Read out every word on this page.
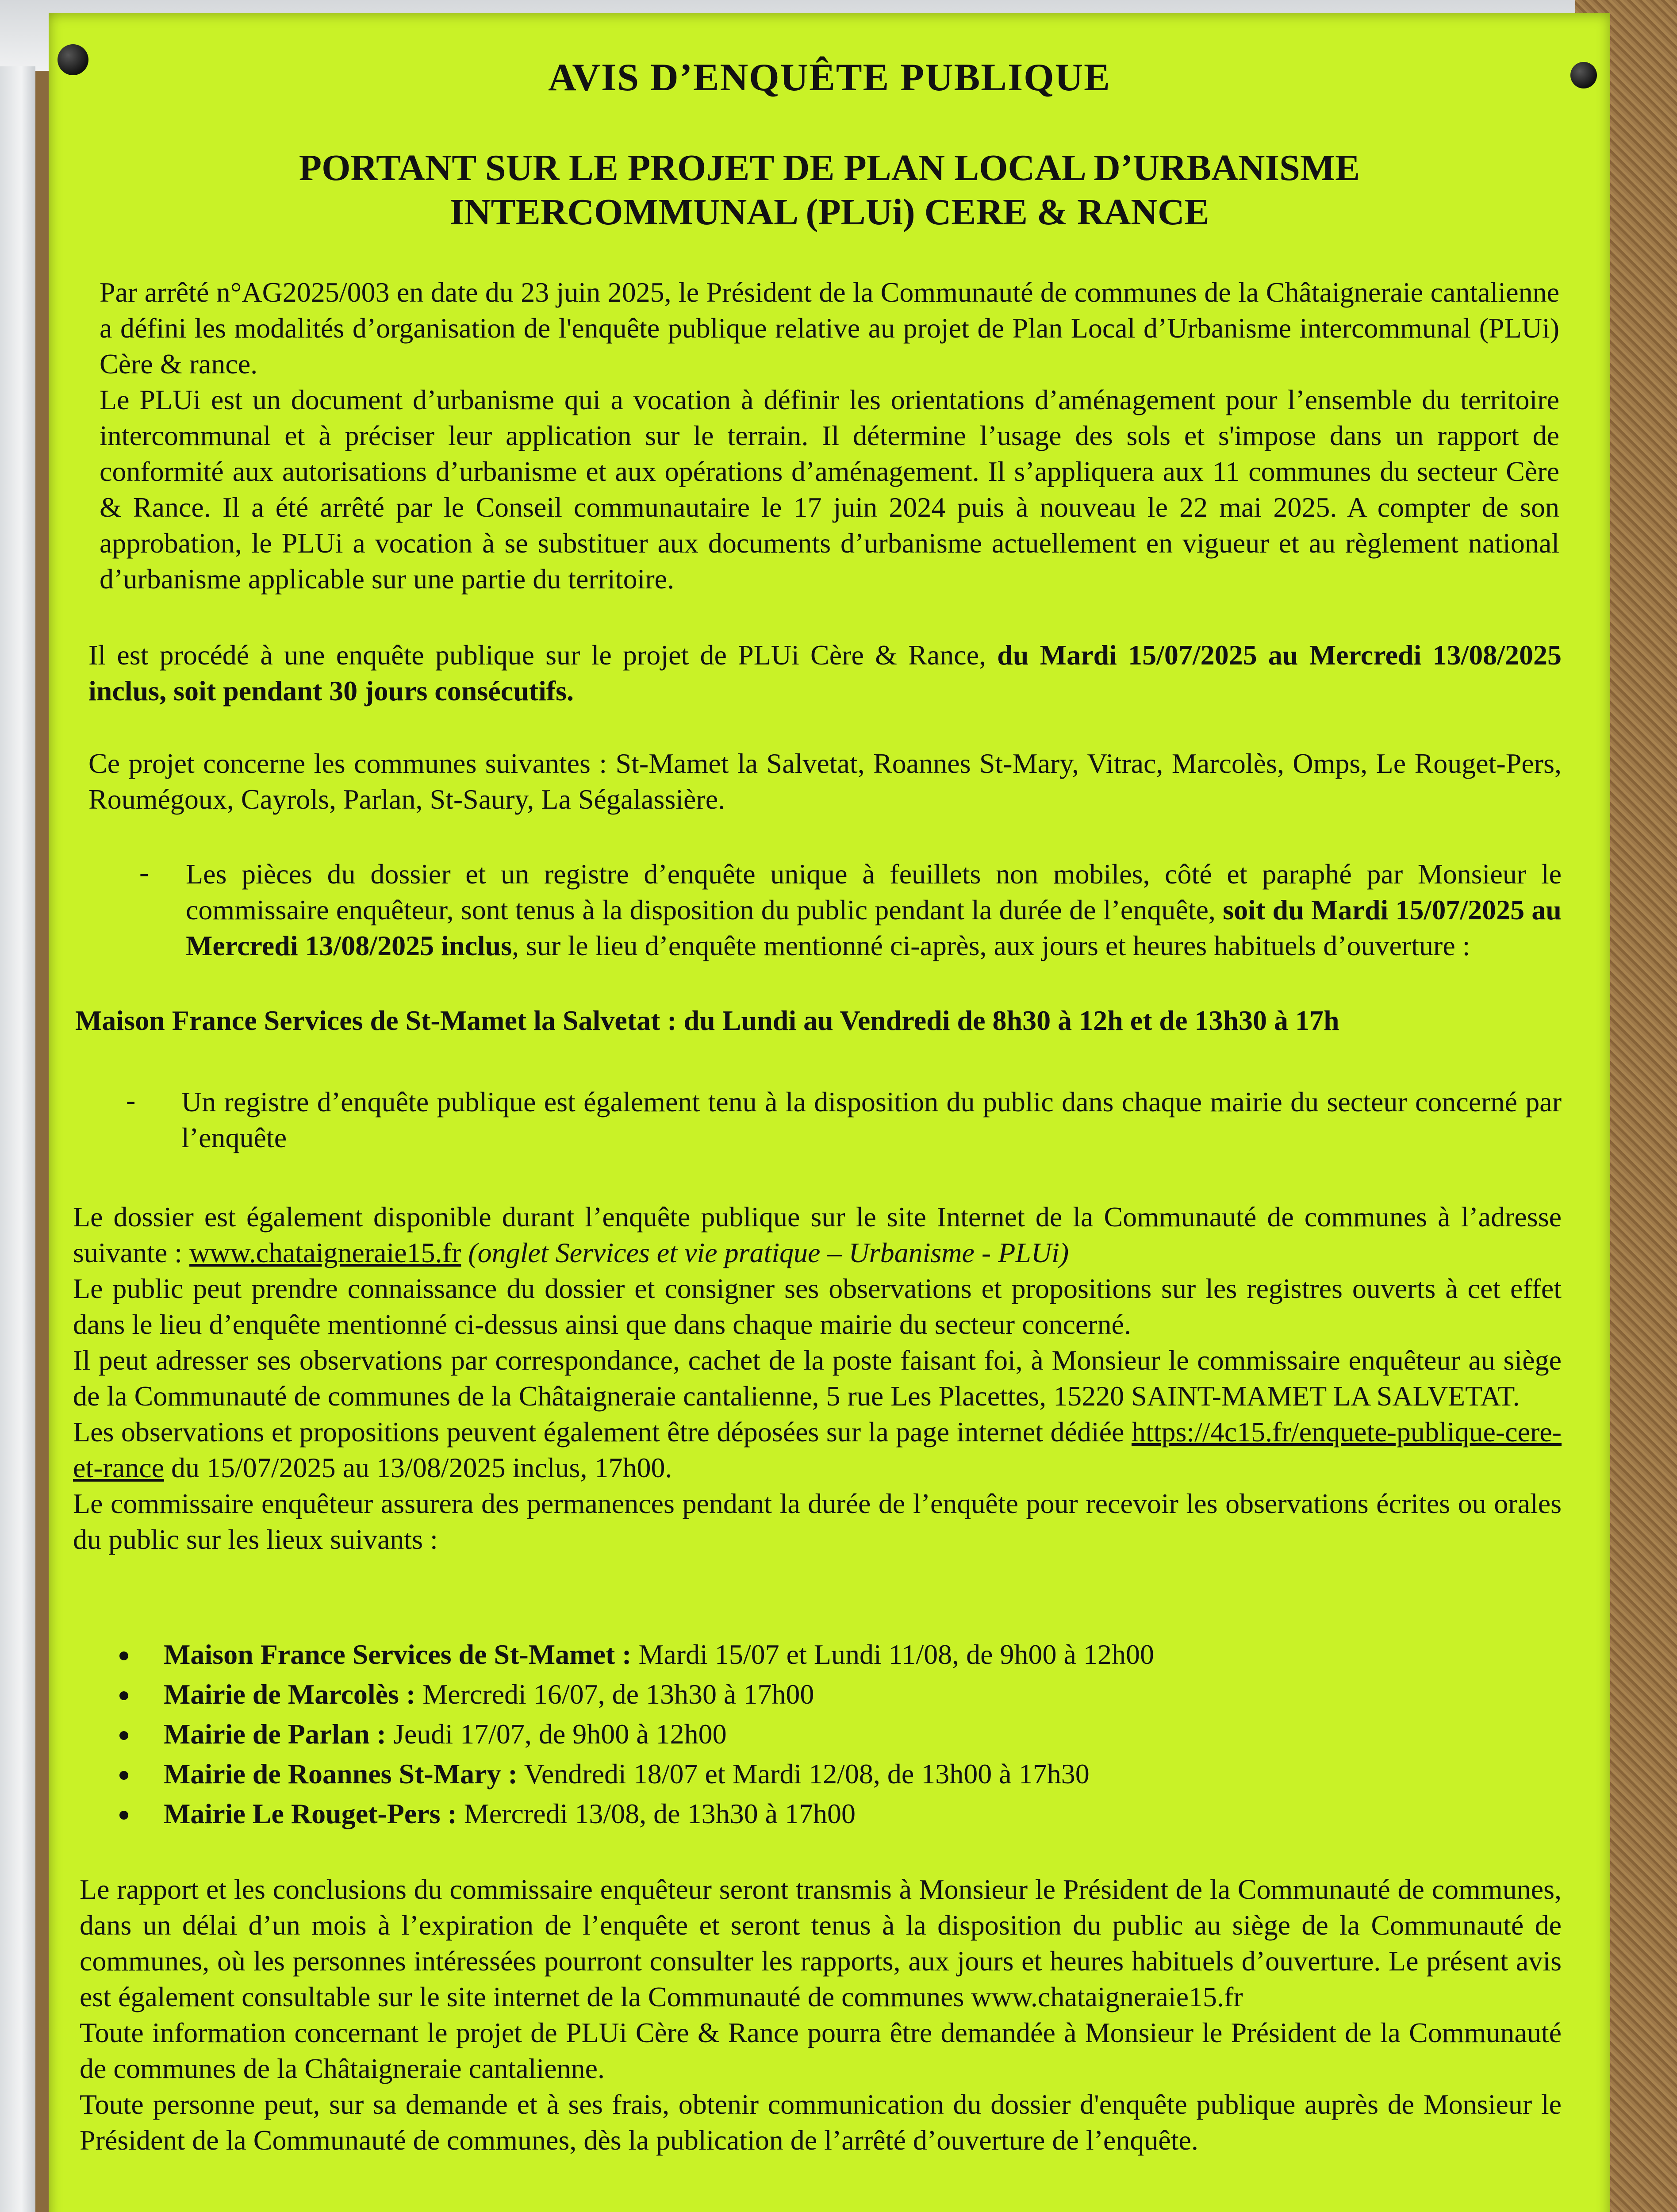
AVIS D’ENQUÊTE PUBLIQUE
PORTANT SUR LE PROJET DE PLAN LOCAL D’URBANISME
INTERCOMMUNAL (PLUi) CERE & RANCE
Par arrêté n°AG2025/003 en date du 23 juin 2025, le Président de la Communauté de communes de la Châtaigneraie cantalienne a défini les modalités d’organisation de l'enquête publique relative au projet de Plan Local d’Urbanisme intercommunal (PLUi) Cère & rance.
Le PLUi est un document d’urbanisme qui a vocation à définir les orientations d’aménagement pour l’ensemble du territoire intercommunal et à préciser leur application sur le terrain. Il détermine l’usage des sols et s'impose dans un rapport de conformité aux autorisations d’urbanisme et aux opérations d’aménagement. Il s’appliquera aux 11 communes du secteur Cère & Rance. Il a été arrêté par le Conseil communautaire le 17 juin 2024 puis à nouveau le 22 mai 2025. A compter de son approbation, le PLUi a vocation à se substituer aux documents d’urbanisme actuellement en vigueur et au règlement national d’urbanisme applicable sur une partie du territoire.
Il est procédé à une enquête publique sur le projet de PLUi Cère & Rance, du Mardi 15/07/2025 au Mercredi 13/08/2025 inclus, soit pendant 30 jours consécutifs.
Ce projet concerne les communes suivantes : St-Mamet la Salvetat, Roannes St-Mary, Vitrac, Marcolès, Omps, Le Rouget-Pers, Roumégoux, Cayrols, Parlan, St-Saury, La Ségalassière.
- Les pièces du dossier et un registre d’enquête unique à feuillets non mobiles, côté et paraphé par Monsieur le commissaire enquêteur, sont tenus à la disposition du public pendant la durée de l’enquête, soit du Mardi 15/07/2025 au Mercredi 13/08/2025 inclus, sur le lieu d’enquête mentionné ci-après, aux jours et heures habituels d’ouverture :
Maison France Services de St-Mamet la Salvetat : du Lundi au Vendredi de 8h30 à 12h et de 13h30 à 17h
- Un registre d’enquête publique est également tenu à la disposition du public dans chaque mairie du secteur concerné par l’enquête
Le dossier est également disponible durant l’enquête publique sur le site Internet de la Communauté de communes à l’adresse suivante : www.chataigneraie15.fr (onglet Services et vie pratique – Urbanisme - PLUi)
Le public peut prendre connaissance du dossier et consigner ses observations et propositions sur les registres ouverts à cet effet dans le lieu d’enquête mentionné ci-dessus ainsi que dans chaque mairie du secteur concerné.
Il peut adresser ses observations par correspondance, cachet de la poste faisant foi, à Monsieur le commissaire enquêteur au siège de la Communauté de communes de la Châtaigneraie cantalienne, 5 rue Les Placettes, 15220 SAINT-MAMET LA SALVETAT.
Les observations et propositions peuvent également être déposées sur la page internet dédiée https://4c15.fr/enquete-publique-cere-et-rance du 15/07/2025 au 13/08/2025 inclus, 17h00.
Le commissaire enquêteur assurera des permanences pendant la durée de l’enquête pour recevoir les observations écrites ou orales du public sur les lieux suivants :
Maison France Services de St-Mamet : Mardi 15/07 et Lundi 11/08, de 9h00 à 12h00
Mairie de Marcolès : Mercredi 16/07, de 13h30 à 17h00
Mairie de Parlan : Jeudi 17/07, de 9h00 à 12h00
Mairie de Roannes St-Mary : Vendredi 18/07 et Mardi 12/08, de 13h00 à 17h30
Mairie Le Rouget-Pers : Mercredi 13/08, de 13h30 à 17h00
Le rapport et les conclusions du commissaire enquêteur seront transmis à Monsieur le Président de la Communauté de communes, dans un délai d’un mois à l’expiration de l’enquête et seront tenus à la disposition du public au siège de la Communauté de communes, où les personnes intéressées pourront consulter les rapports, aux jours et heures habituels d’ouverture. Le présent avis est également consultable sur le site internet de la Communauté de communes www.chataigneraie15.fr
Toute information concernant le projet de PLUi Cère & Rance pourra être demandée à Monsieur le Président de la Communauté de communes de la Châtaigneraie cantalienne.
Toute personne peut, sur sa demande et à ses frais, obtenir communication du dossier d'enquête publique auprès de Monsieur le Président de la Communauté de communes, dès la publication de l’arrêté d’ouverture de l’enquête.
